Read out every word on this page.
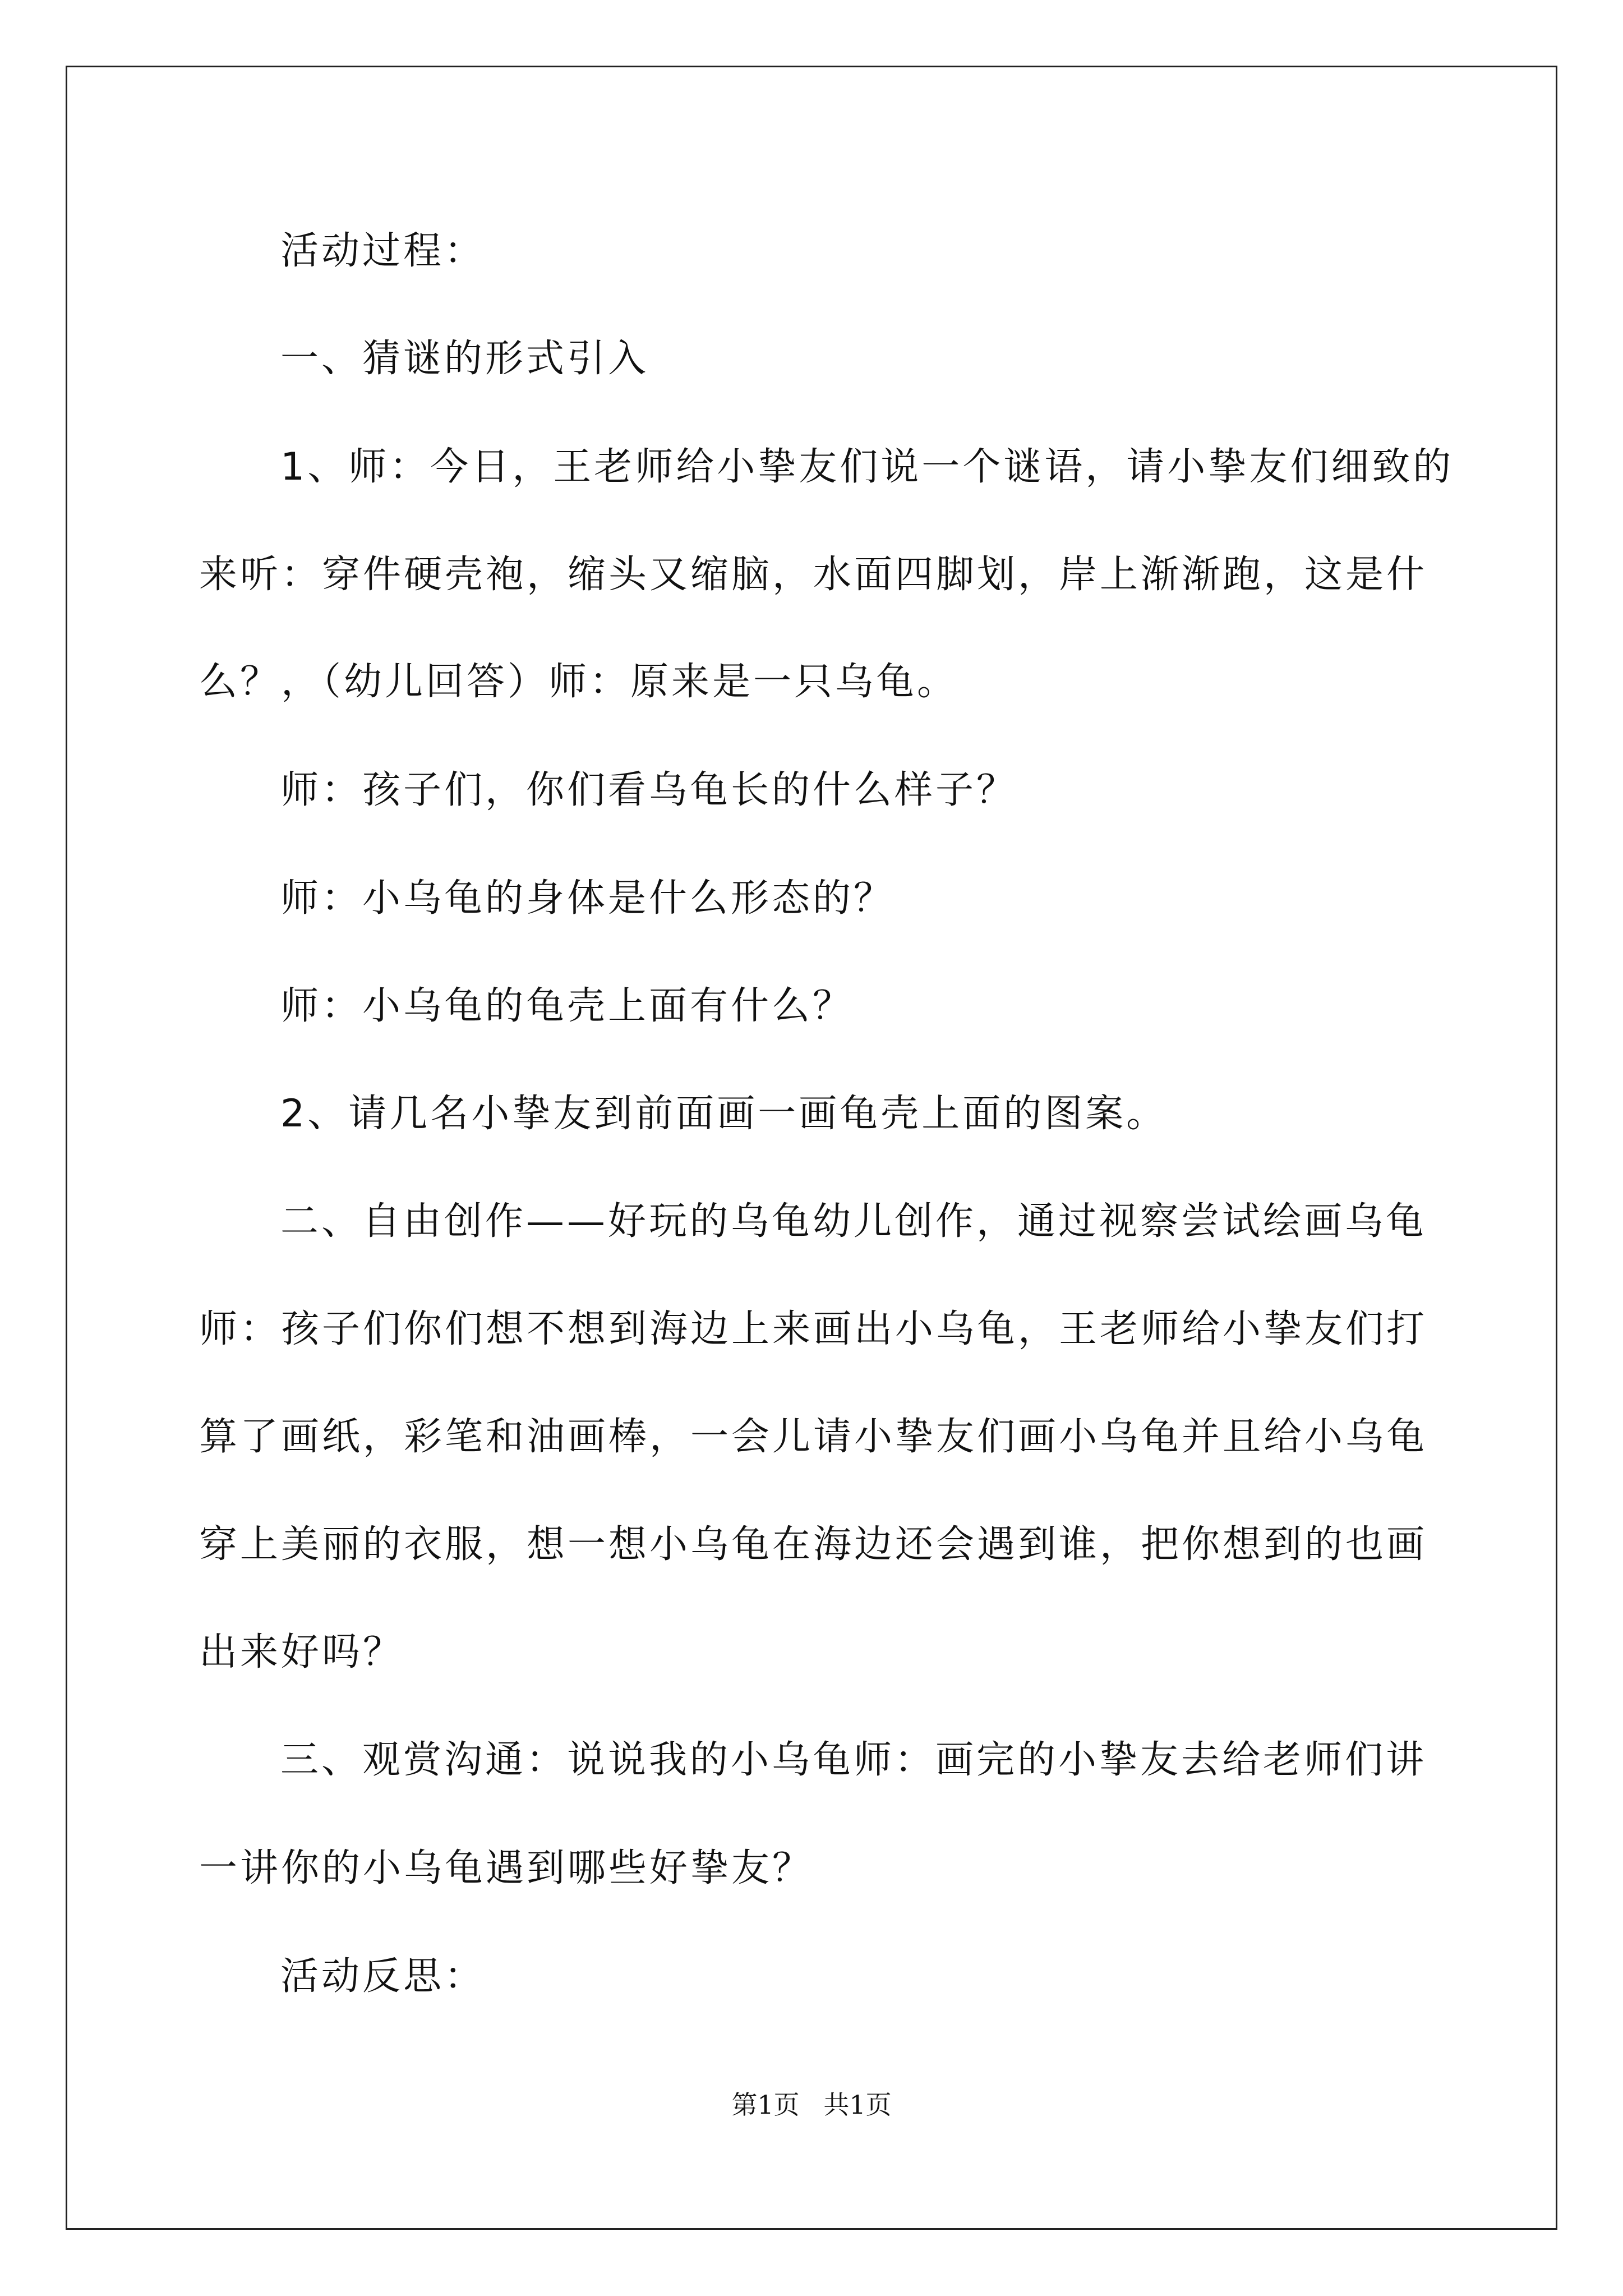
活动过程：
一、猜谜的形式引入
1、师：今日，王老师给小挚友们说一个谜语，请小挚友们细致的
来听：穿件硬壳袍，缩头又缩脑，水面四脚划，岸上渐渐跑，这是什
么？，（幼儿回答）师：原来是一只乌龟。
师：孩子们，你们看乌龟长的什么样子？
师：小乌龟的身体是什么形态的？
师：小乌龟的龟壳上面有什么？
2、请几名小挚友到前面画一画龟壳上面的图案。
二、自由创作——好玩的乌龟幼儿创作，通过视察尝试绘画乌龟
师：孩子们你们想不想到海边上来画出小乌龟，王老师给小挚友们打
算了画纸，彩笔和油画棒，一会儿请小挚友们画小乌龟并且给小乌龟
穿上美丽的衣服，想一想小乌龟在海边还会遇到谁，把你想到的也画
出来好吗？
三、观赏沟通：说说我的小乌龟师：画完的小挚友去给老师们讲
一讲你的小乌龟遇到哪些好挚友？
活动反思：
第1页 共1页
